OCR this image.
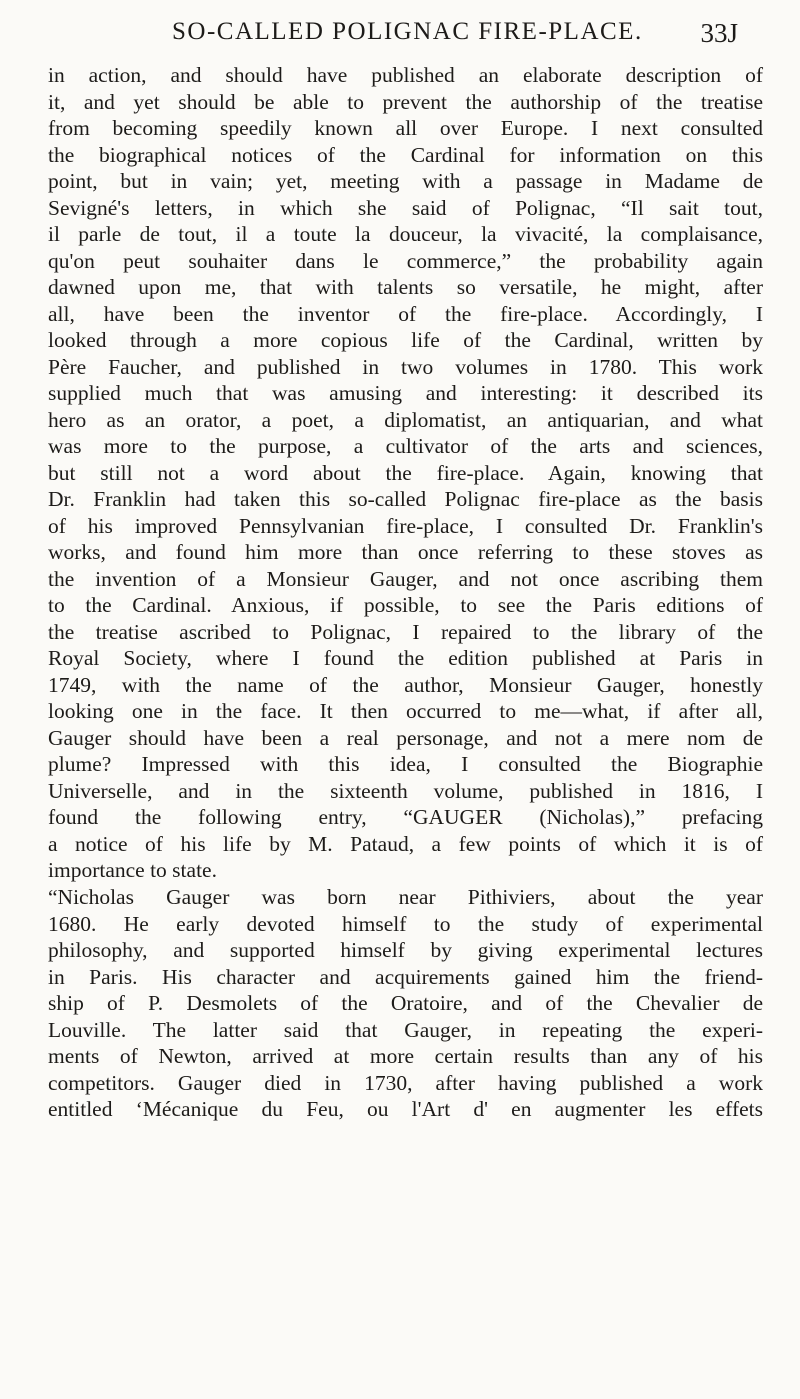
SO-CALLED POLIGNAC FIRE-PLACE. 33J
in action, and should have published an elaborate description of
it, and yet should be able to prevent the authorship of the treatise
from becoming speedily known all over Europe. I next consulted
the biographical notices of the Cardinal for information on this
point, but in vain; yet, meeting with a passage in Madame de
Sevigné's letters, in which she said of Polignac, “Il sait tout,
il parle de tout, il a toute la douceur, la vivacité, la complaisance,
qu'on peut souhaiter dans le commerce,” the probability again
dawned upon me, that with talents so versatile, he might, after
all, have been the inventor of the fire-place. Accordingly, I
looked through a more copious life of the Cardinal, written by
Père Faucher, and published in two volumes in 1780. This work
supplied much that was amusing and interesting: it described its
hero as an orator, a poet, a diplomatist, an antiquarian, and what
was more to the purpose, a cultivator of the arts and sciences,
but still not a word about the fire-place. Again, knowing that
Dr. Franklin had taken this so-called Polignac fire-place as the basis
of his improved Pennsylvanian fire-place, I consulted Dr. Franklin's
works, and found him more than once referring to these stoves as
the invention of a Monsieur Gauger, and not once ascribing them
to the Cardinal. Anxious, if possible, to see the Paris editions of
the treatise ascribed to Polignac, I repaired to the library of the
Royal Society, where I found the edition published at Paris in
1749, with the name of the author, Monsieur Gauger, honestly
looking one in the face. It then occurred to me—what, if after all,
Gauger should have been a real personage, and not a mere nom de
plume? Impressed with this idea, I consulted the Biographie
Universelle, and in the sixteenth volume, published in 1816, I
found the following entry, “GAUGER (Nicholas),” prefacing
a notice of his life by M. Pataud, a few points of which it is of
importance to state.
“Nicholas Gauger was born near Pithiviers, about the year
1680. He early devoted himself to the study of experimental
philosophy, and supported himself by giving experimental lectures
in Paris. His character and acquirements gained him the friend-
ship of P. Desmolets of the Oratoire, and of the Chevalier de
Louville. The latter said that Gauger, in repeating the experi-
ments of Newton, arrived at more certain results than any of his
competitors. Gauger died in 1730, after having published a work
entitled ‘Mécanique du Feu, ou l'Art d' en augmenter les effets
